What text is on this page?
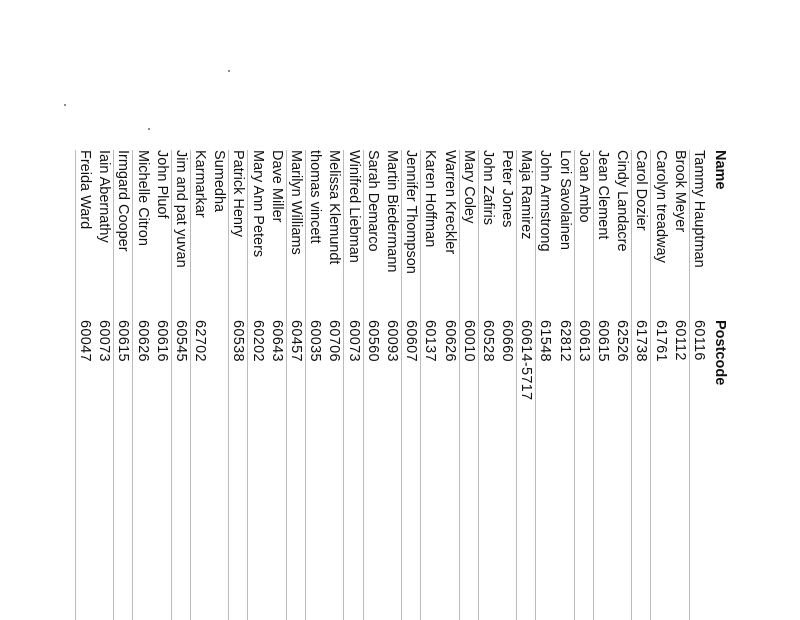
Name
Postcode
Tammy Hauptman
60116
Brook Meyer
60112
Carolyn treadway
61761
Carol Dozier
61738
Cindy Landacre
62526
Jean Clement
60615
Joan Ambo
60613
Lori Savolainen
62812
John Armstrong
61548
Maja Ramirez
60614-5717
Peter Jones
60660
John Zafiris
60528
Mary Coley
60010
Warren Kreckler
60626
Karen Hoffman
60137
Jennifer Thompson
60607
Martin Biedermann
60093
Sarah Demarco
60560
Winifred Liebman
60073
Melissa Klemundt
60706
thomas vincett
60035
Marilyn Williams
60457
Dave Miller
60643
Mary Ann Peters
60202
Patrick Henry
60538
Sumedha
Karmarkar
62702
Jim and pat yuvan
60545
John Pluof
60616
Michelle Citron
60626
Irmgard Cooper
60615
Iain Abernathy
60073
Freida Ward
60047
